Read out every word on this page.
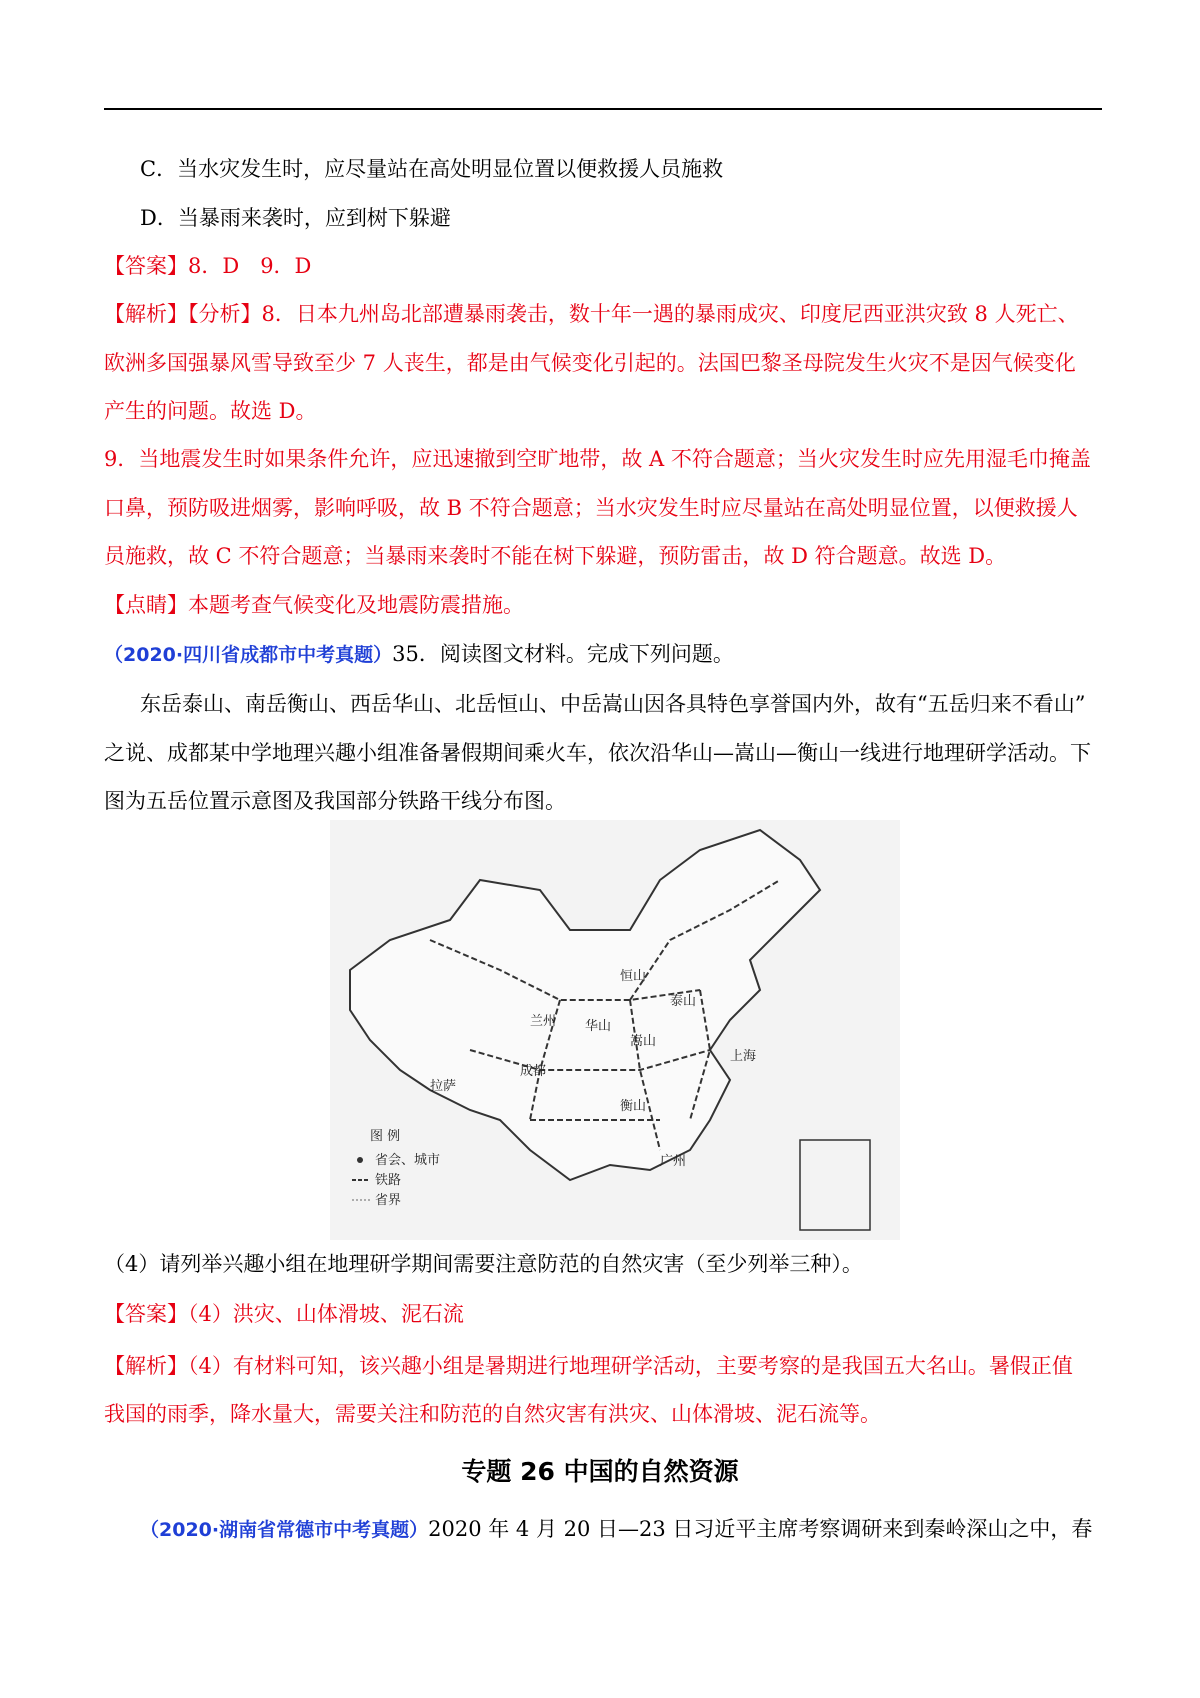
C．当水灾发生时，应尽量站在高处明显位置以便救援人员施救
D．当暴雨来袭时，应到树下躲避
【答案】8．D　9．D
【解析】【分析】8．日本九州岛北部遭暴雨袭击，数十年一遇的暴雨成灾、印度尼西亚洪灾致 8 人死亡、
欧洲多国强暴风雪导致至少 7 人丧生，都是由气候变化引起的。法国巴黎圣母院发生火灾不是因气候变化
产生的问题。故选 D。
9．当地震发生时如果条件允许，应迅速撤到空旷地带，故 A 不符合题意；当火灾发生时应先用湿毛巾掩盖
口鼻，预防吸进烟雾，影响呼吸，故 B 不符合题意；当水灾发生时应尽量站在高处明显位置，以便救援人
员施救，故 C 不符合题意；当暴雨来袭时不能在树下躲避，预防雷击，故 D 符合题意。故选 D。
【点睛】本题考查气候变化及地震防震措施。
（2020·四川省成都市中考真题）35．阅读图文材料。完成下列问题。
东岳泰山、南岳衡山、西岳华山、北岳恒山、中岳嵩山因各具特色享誉国内外，故有“五岳归来不看山”
之说、成都某中学地理兴趣小组准备暑假期间乘火车，依次沿华山—嵩山—衡山一线进行地理研学活动。下
图为五岳位置示意图及我国部分铁路干线分布图。
恒山
泰山
华山
嵩山
衡山
兰州
成都
上海
广州
拉萨
图 例
省会、城市
铁路
省界
（4）请列举兴趣小组在地理研学期间需要注意防范的自然灾害（至少列举三种）。
【答案】（4）洪灾、山体滑坡、泥石流
【解析】（4）有材料可知，该兴趣小组是暑期进行地理研学活动，主要考察的是我国五大名山。暑假正值
我国的雨季，降水量大，需要关注和防范的自然灾害有洪灾、山体滑坡、泥石流等。
专题 26 中国的自然资源
（2020·湖南省常德市中考真题）2020 年 4 月 20 日—23 日习近平主席考察调研来到秦岭深山之中，春
